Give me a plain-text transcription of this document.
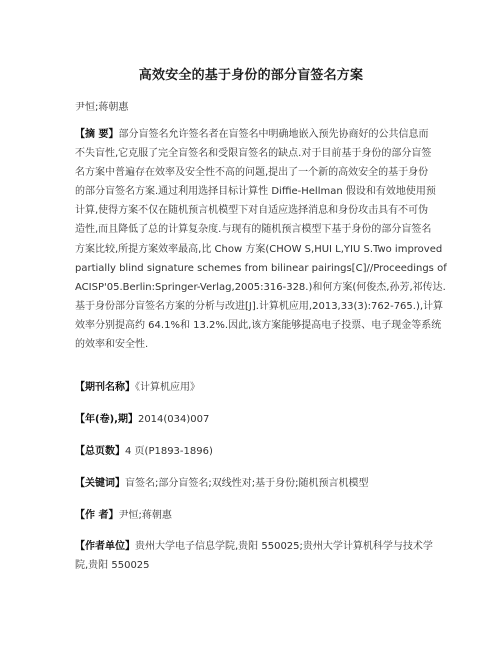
高效安全的基于身份的部分盲签名方案
尹恒;蒋朝惠
【摘 要】部分盲签名允许签名者在盲签名中明确地嵌入预先协商好的公共信息而
不失盲性,它克服了完全盲签名和受限盲签名的缺点.对于目前基于身份的部分盲签
名方案中普遍存在效率及安全性不高的问题,提出了一个新的高效安全的基于身份
的部分盲签名方案.通过利用选择目标计算性 Diffie-Hellman 假设和有效地使用预
计算,使得方案不仅在随机预言机模型下对自适应选择消息和身份攻击具有不可伪
造性,而且降低了总的计算复杂度.与现有的随机预言模型下基于身份的部分盲签名
方案比较,所提方案效率最高,比 Chow 方案(CHOW S,HUI L,YIU S.Two improved
partially blind signature schemes from bilinear pairings[C]//Proceedings of
ACISP'05.Berlin:Springer-Verlag,2005:316-328.)和何方案(何俊杰,孙芳,祁传达.
基于身份部分盲签名方案的分析与改进[J].计算机应用,2013,33(3):762-765.),计算
效率分别提高约 64.1%和 13.2%.因此,该方案能够提高电子投票、电子现金等系统
的效率和安全性.
【期刊名称】《计算机应用》
【年(卷),期】2014(034)007
【总页数】4 页(P1893-1896)
【关键词】盲签名;部分盲签名;双线性对;基于身份;随机预言机模型
【作 者】尹恒;蒋朝惠
【作者单位】贵州大学电子信息学院,贵阳 550025;贵州大学计算机科学与技术学
院,贵阳 550025
